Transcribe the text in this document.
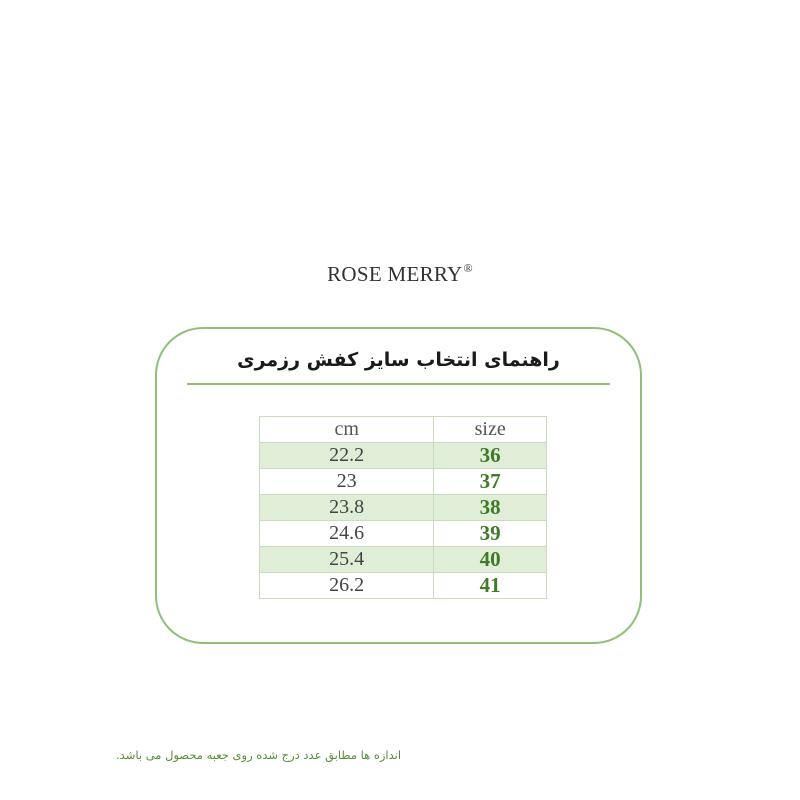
ROSE MERRY®
راهنمای انتخاب سایز کفش رزمری
cm	size
22.2	36
23	37
23.8	38
24.6	39
25.4	40
26.2	41
اندازه ها مطابق عدد درج شده روی جعبه محصول می باشد.
